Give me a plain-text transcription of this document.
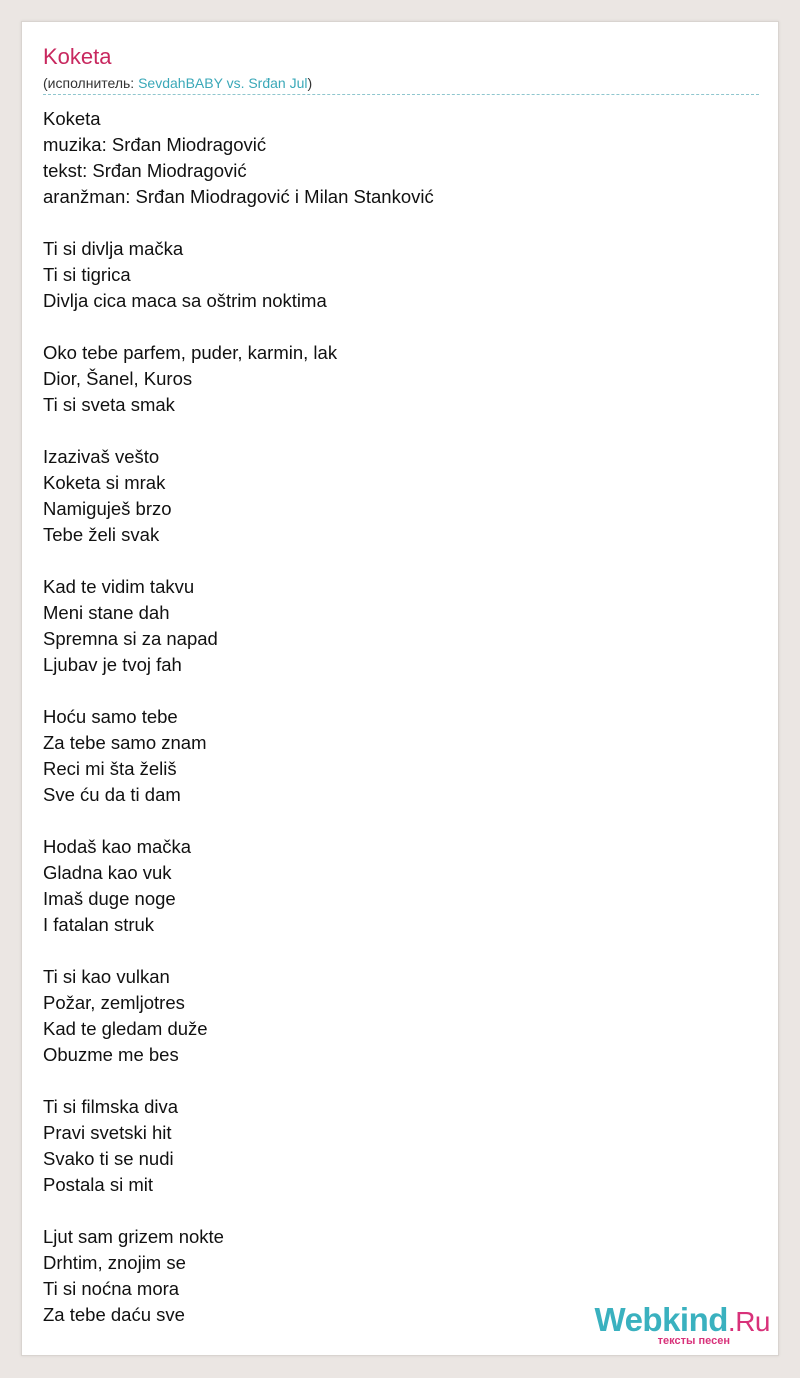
Koketa
(исполнитель: SevdahBABY vs. Srđan Jul)
Koketa
muzika: Srđan Miodragović
tekst: Srđan Miodragović
aranžman: Srđan Miodragović i Milan Stanković
Ti si divlja mačka
Ti si tigrica
Divlja cica maca sa oštrim noktima
Oko tebe parfem, puder, karmin, lak
Dior, Šanel, Kuros
Ti si sveta smak
Izazivaš vešto
Koketa si mrak
Namiguješ brzo
Tebe želi svak
Kad te vidim takvu
Meni stane dah
Spremna si za napad
Ljubav je tvoj fah
Hoću samo tebe
Za tebe samo znam
Reci mi šta želiš
Sve ću da ti dam
Hodaš kao mačka
Gladna kao vuk
Imaš duge noge
I fatalan struk
Ti si kao vulkan
Požar, zemljotres
Kad te gledam duže
Obuzme me bes
Ti si filmska diva
Pravi svetski hit
Svako ti se nudi
Postala si mit
Ljut sam grizem nokte
Drhtim, znojim se
Ti si noćna mora
Za tebe daću sve	Webkind.Ru
тексты песен
